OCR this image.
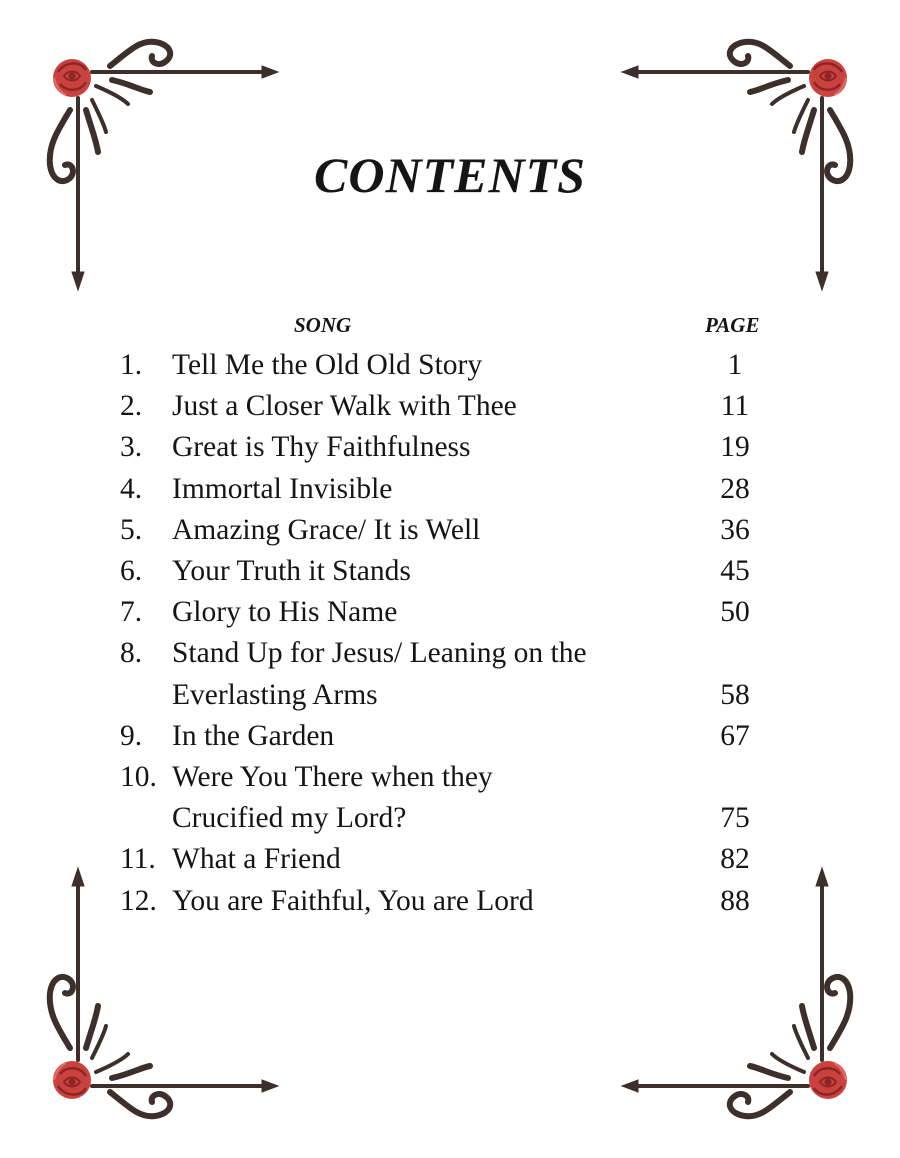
CONTENTS
SONG	PAGE
1.	Tell Me the Old Old Story	1
2.	Just a Closer Walk with Thee	11
3.	Great is Thy Faithfulness	19
4.	Immortal Invisible	28
5.	Amazing Grace/ It is Well	36
6.	Your Truth it Stands	45
7.	Glory to His Name	50
8.	Stand Up for Jesus/ Leaning on the
Everlasting Arms	58
9.	In the Garden	67
10. Were You There when they
Crucified my Lord?	75
11. What a Friend	82
12. You are Faithful, You are Lord	88
